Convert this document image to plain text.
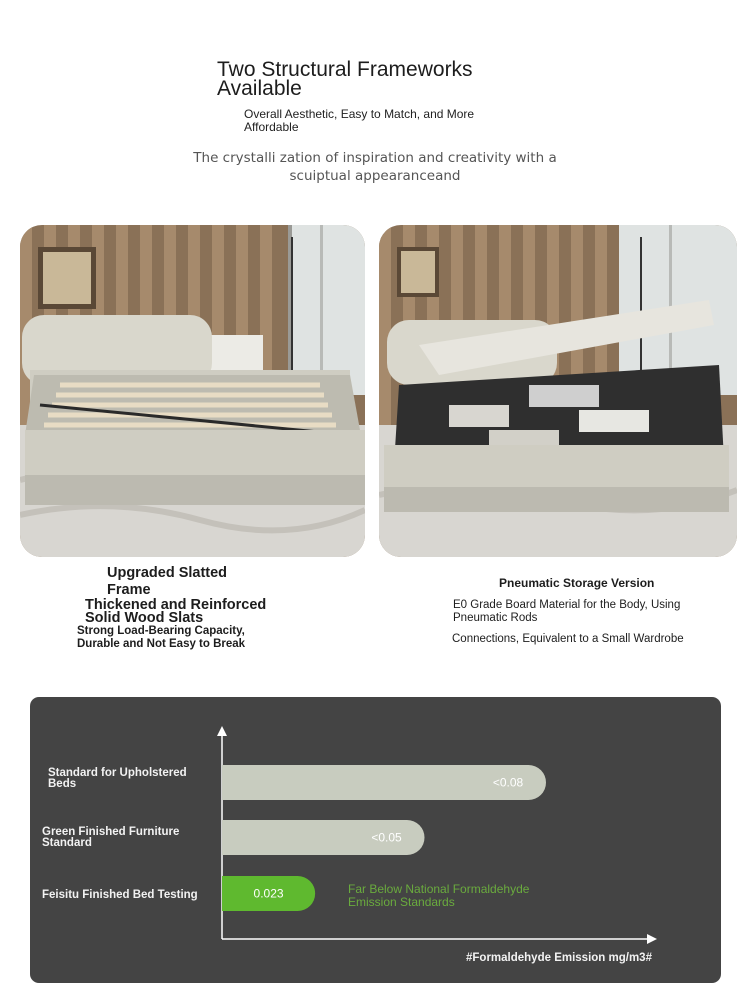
Two Structural Frameworks Available
Overall Aesthetic, Easy to Match, and More Affordable
The crystalli zation of inspiration and creativity with a scuiptual appearanceand
Upgraded Slatted Frame
Thickened and Reinforced Solid Wood Slats
Strong Load-Bearing Capacity, Durable and Not Easy to Break
Pneumatic Storage Version
E0 Grade Board Material for the Body, Using Pneumatic Rods
Connections, Equivalent to a Small Wardrobe
<0.08
<0.05
0.023
Standard for Upholstered Beds
Green Finished Furniture Standard
Feisitu Finished Bed Testing	Far Below National Formaldehyde Emission Standards
#Formaldehyde Emission mg/m3#
